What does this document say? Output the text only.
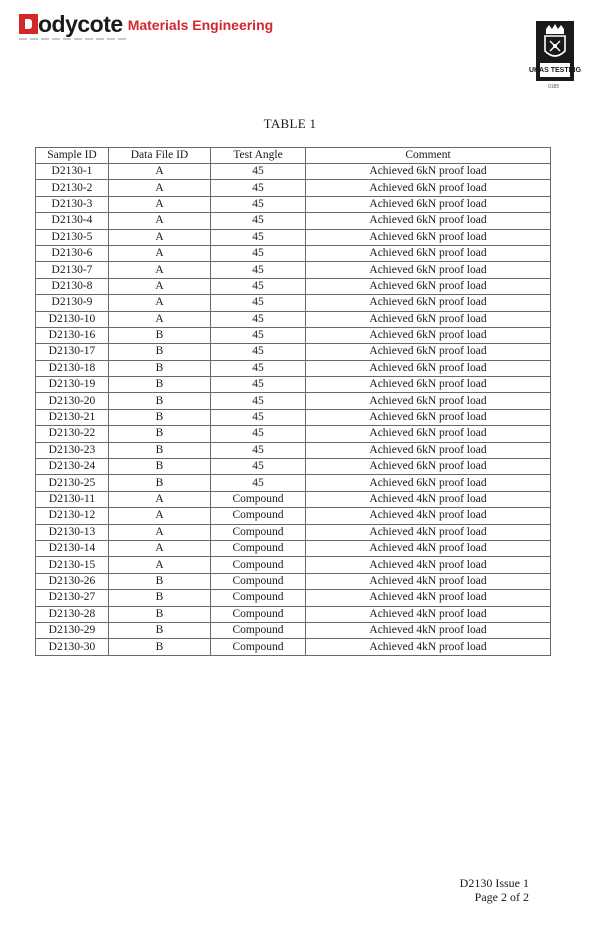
odycote Materials Engineering
UKAS TESTING
0185
TABLE 1
Sample ID	Data File ID	Test Angle	Comment
D2130-1	A	45	Achieved 6kN proof load
D2130-2	A	45	Achieved 6kN proof load
D2130-3	A	45	Achieved 6kN proof load
D2130-4	A	45	Achieved 6kN proof load
D2130-5	A	45	Achieved 6kN proof load
D2130-6	A	45	Achieved 6kN proof load
D2130-7	A	45	Achieved 6kN proof load
D2130-8	A	45	Achieved 6kN proof load
D2130-9	A	45	Achieved 6kN proof load
D2130-10	A	45	Achieved 6kN proof load
D2130-16	B	45	Achieved 6kN proof load
D2130-17	B	45	Achieved 6kN proof load
D2130-18	B	45	Achieved 6kN proof load
D2130-19	B	45	Achieved 6kN proof load
D2130-20	B	45	Achieved 6kN proof load
D2130-21	B	45	Achieved 6kN proof load
D2130-22	B	45	Achieved 6kN proof load
D2130-23	B	45	Achieved 6kN proof load
D2130-24	B	45	Achieved 6kN proof load
D2130-25	B	45	Achieved 6kN proof load
D2130-11	A	Compound	Achieved 4kN proof load
D2130-12	A	Compound	Achieved 4kN proof load
D2130-13	A	Compound	Achieved 4kN proof load
D2130-14	A	Compound	Achieved 4kN proof load
D2130-15	A	Compound	Achieved 4kN proof load
D2130-26	B	Compound	Achieved 4kN proof load
D2130-27	B	Compound	Achieved 4kN proof load
D2130-28	B	Compound	Achieved 4kN proof load
D2130-29	B	Compound	Achieved 4kN proof load
D2130-30	B	Compound	Achieved 4kN proof load
D2130 Issue 1
Page 2 of 2
